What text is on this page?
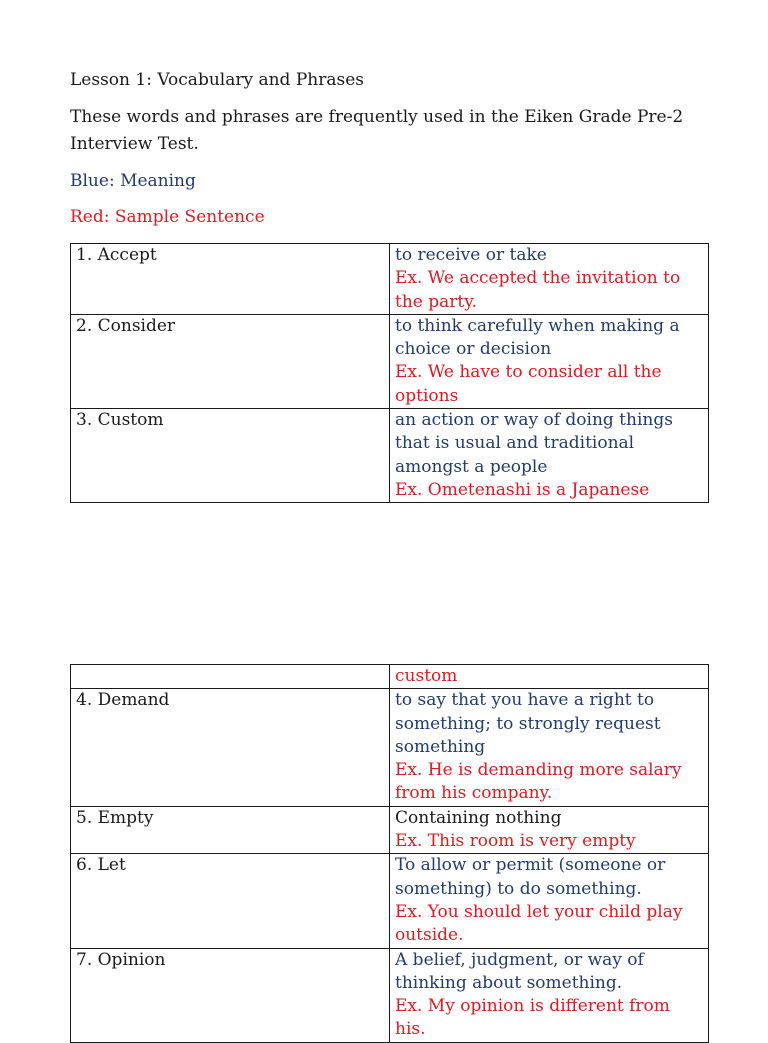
Lesson 1: Vocabulary and Phrases
These words and phrases are frequently used in the Eiken Grade Pre-2
Interview Test.
Blue: Meaning
Red: Sample Sentence
1. Accept	to receive or take
Ex. We accepted the invitation to
the party.

2. Consider	to think carefully when making a
choice or decision
Ex. We have to consider all the
options

3. Custom	an action or way of doing things
that is usual and traditional
amongst a people
Ex. Ometenashi is a Japanese

	custom

4. Demand	to say that you have a right to
something; to strongly request
something
Ex. He is demanding more salary
from his company.

5. Empty	Containing nothing
Ex. This room is very empty

6. Let	To allow or permit (someone or
something) to do something.
Ex. You should let your child play
outside.

7. Opinion	A belief, judgment, or way of
thinking about something.
Ex. My opinion is different from
his.
